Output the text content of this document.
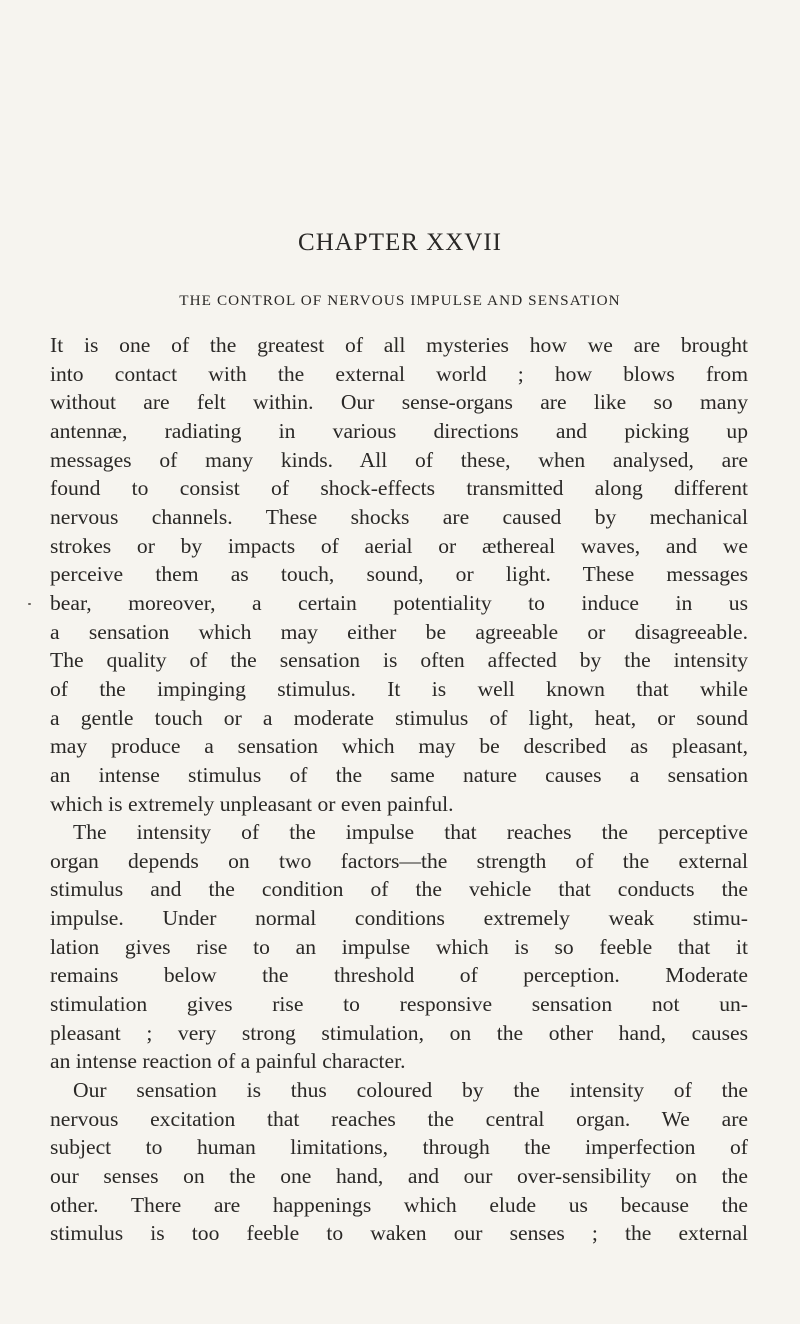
CHAPTER XXVII
THE CONTROL OF NERVOUS IMPULSE AND SENSATION
It is one of the greatest of all mysteries how we are brought
into contact with the external world ; how blows from
without are felt within. Our sense-organs are like so many
antennæ, radiating in various directions and picking up
messages of many kinds. All of these, when analysed, are
found to consist of shock-effects transmitted along different
nervous channels. These shocks are caused by mechanical
strokes or by impacts of aerial or æthereal waves, and we
perceive them as touch, sound, or light. These messages
bear, moreover, a certain potentiality to induce in us
a sensation which may either be agreeable or disagreeable.
The quality of the sensation is often affected by the intensity
of the impinging stimulus. It is well known that while
a gentle touch or a moderate stimulus of light, heat, or sound
may produce a sensation which may be described as pleasant,
an intense stimulus of the same nature causes a sensation
which is extremely unpleasant or even painful.
The intensity of the impulse that reaches the perceptive
organ depends on two factors—the strength of the external
stimulus and the condition of the vehicle that conducts the
impulse. Under normal conditions extremely weak stimu-
lation gives rise to an impulse which is so feeble that it
remains below the threshold of perception. Moderate
stimulation gives rise to responsive sensation not un-
pleasant ; very strong stimulation, on the other hand, causes
an intense reaction of a painful character.
Our sensation is thus coloured by the intensity of the
nervous excitation that reaches the central organ. We are
subject to human limitations, through the imperfection of
our senses on the one hand, and our over-sensibility on the
other. There are happenings which elude us because the
stimulus is too feeble to waken our senses ; the external
